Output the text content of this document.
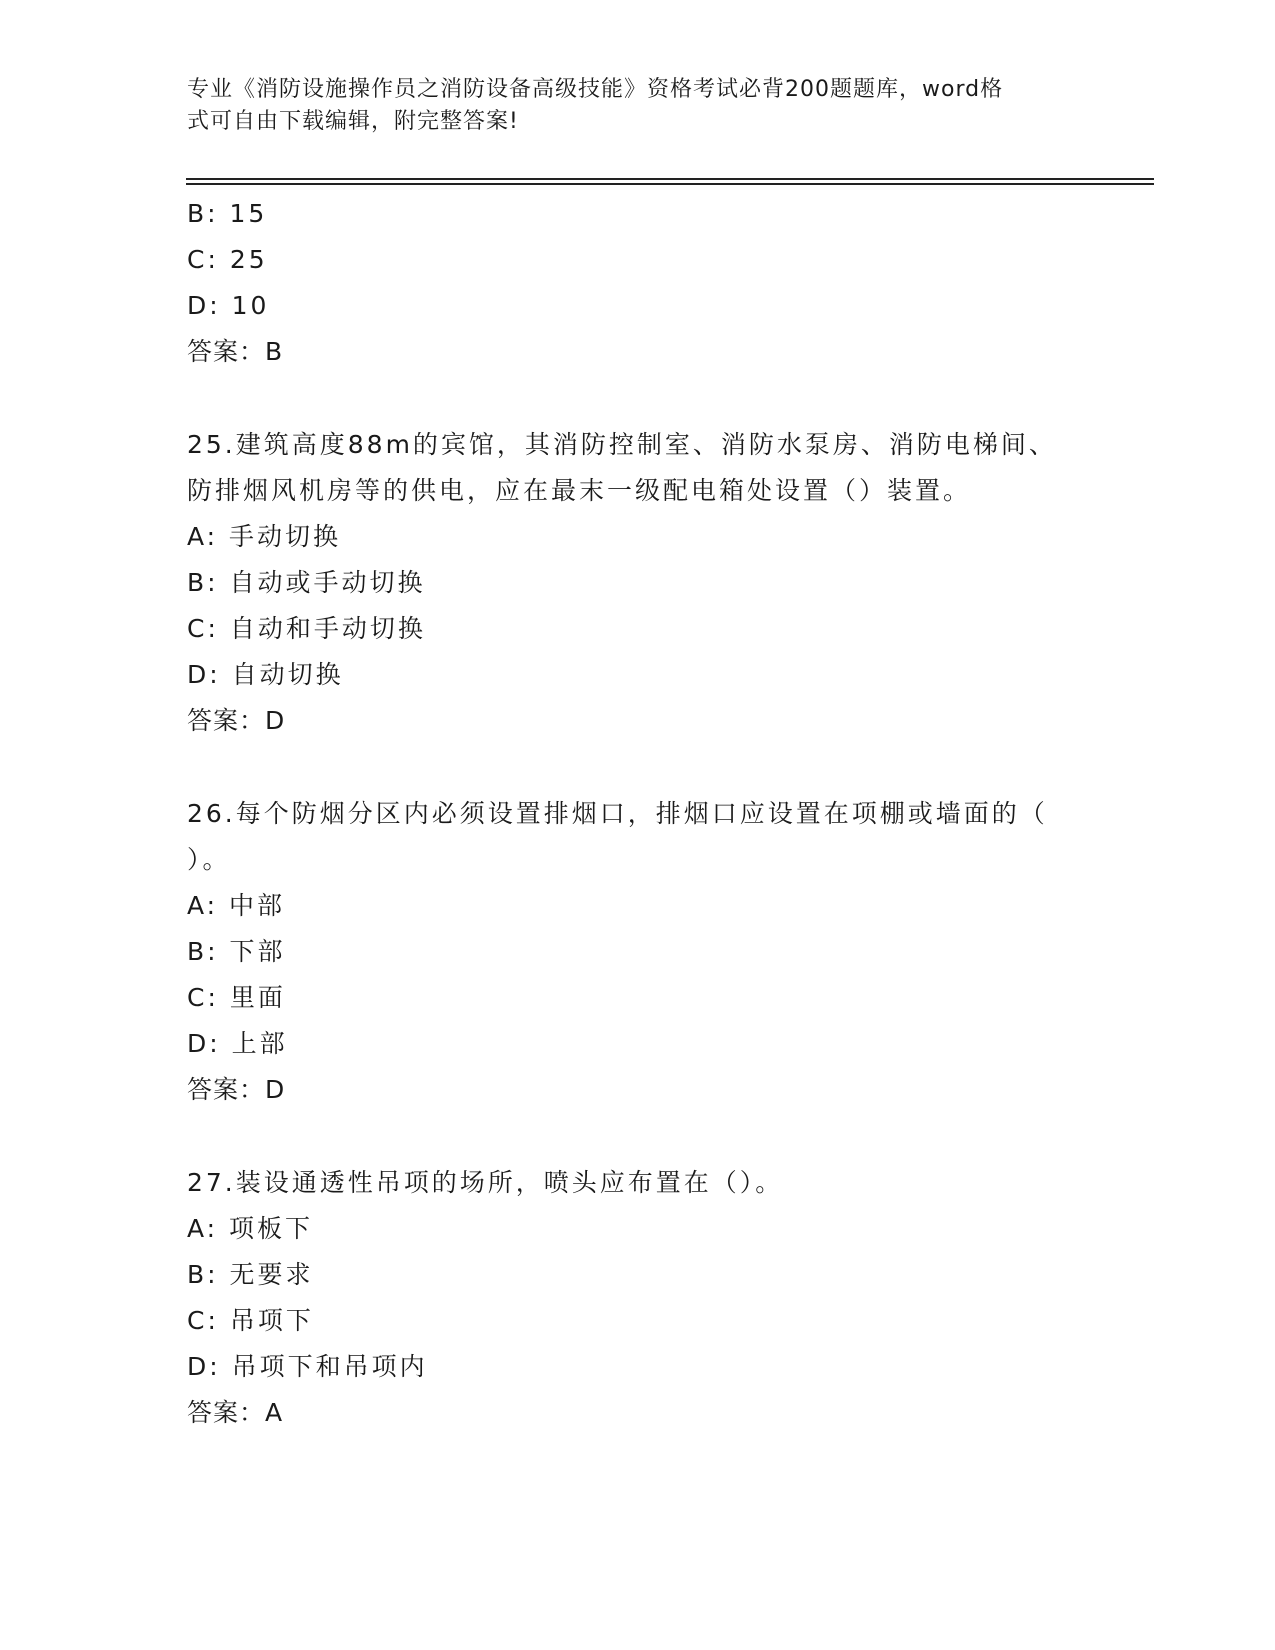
专业《消防设施操作员之消防设备高级技能》资格考试必背200题题库，word格
式可自由下载编辑，附完整答案!
B: 15
C: 25
D: 10
答案：B
25.建筑高度88m的宾馆，其消防控制室、消防水泵房、消防电梯间、
防排烟风机房等的供电，应在最末一级配电箱处设置（）装置。
A: 手动切换
B: 自动或手动切换
C: 自动和手动切换
D: 自动切换
答案：D
26.每个防烟分区内必须设置排烟口，排烟口应设置在项棚或墙面的（
）。
A: 中部
B: 下部
C: 里面
D: 上部
答案：D
27.装设通透性吊项的场所，喷头应布置在（）。
A: 项板下
B: 无要求
C: 吊项下
D: 吊项下和吊项内
答案：A
